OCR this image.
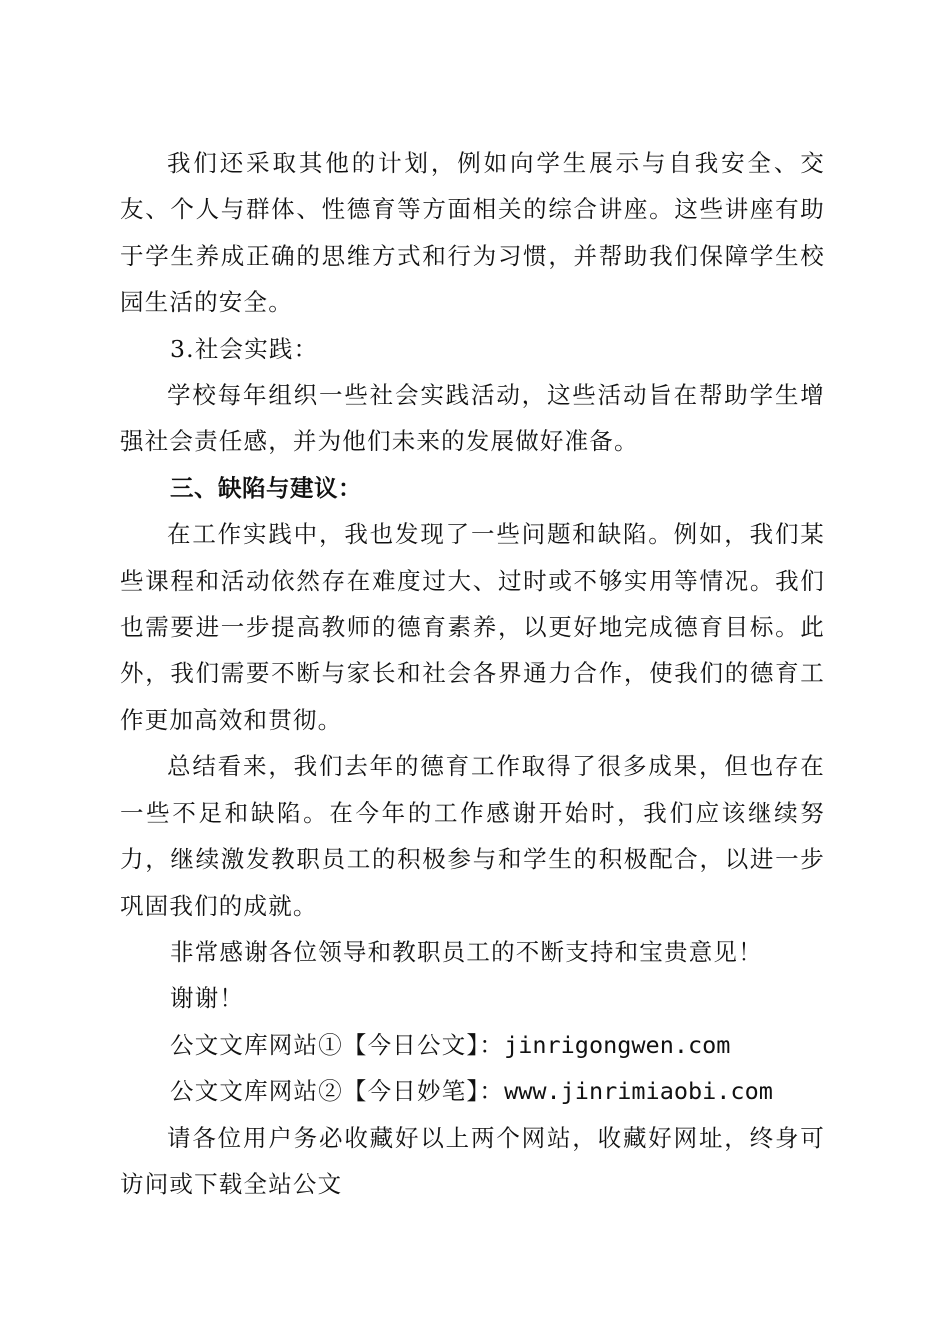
我们还采取其他的计划，例如向学生展示与自我安全、交友、个人与群体、性德育等方面相关的综合讲座。这些讲座有助于学生养成正确的思维方式和行为习惯，并帮助我们保障学生校园生活的安全。

3.社会实践：

学校每年组织一些社会实践活动，这些活动旨在帮助学生增强社会责任感，并为他们未来的发展做好准备。

三、缺陷与建议：

在工作实践中，我也发现了一些问题和缺陷。例如，我们某些课程和活动依然存在难度过大、过时或不够实用等情况。我们也需要进一步提高教师的德育素养，以更好地完成德育目标。此外，我们需要不断与家长和社会各界通力合作，使我们的德育工作更加高效和贯彻。

总结看来，我们去年的德育工作取得了很多成果，但也存在一些不足和缺陷。在今年的工作感谢开始时，我们应该继续努力，继续激发教职员工的积极参与和学生的积极配合，以进一步巩固我们的成就。

非常感谢各位领导和教职员工的不断支持和宝贵意见！

谢谢！

公文文库网站①【今日公文】：jinrigongwen.com

公文文库网站②【今日妙笔】：www.jinrimiaobi.com

请各位用户务必收藏好以上两个网站，收藏好网址，终身可访问或下载全站公文
